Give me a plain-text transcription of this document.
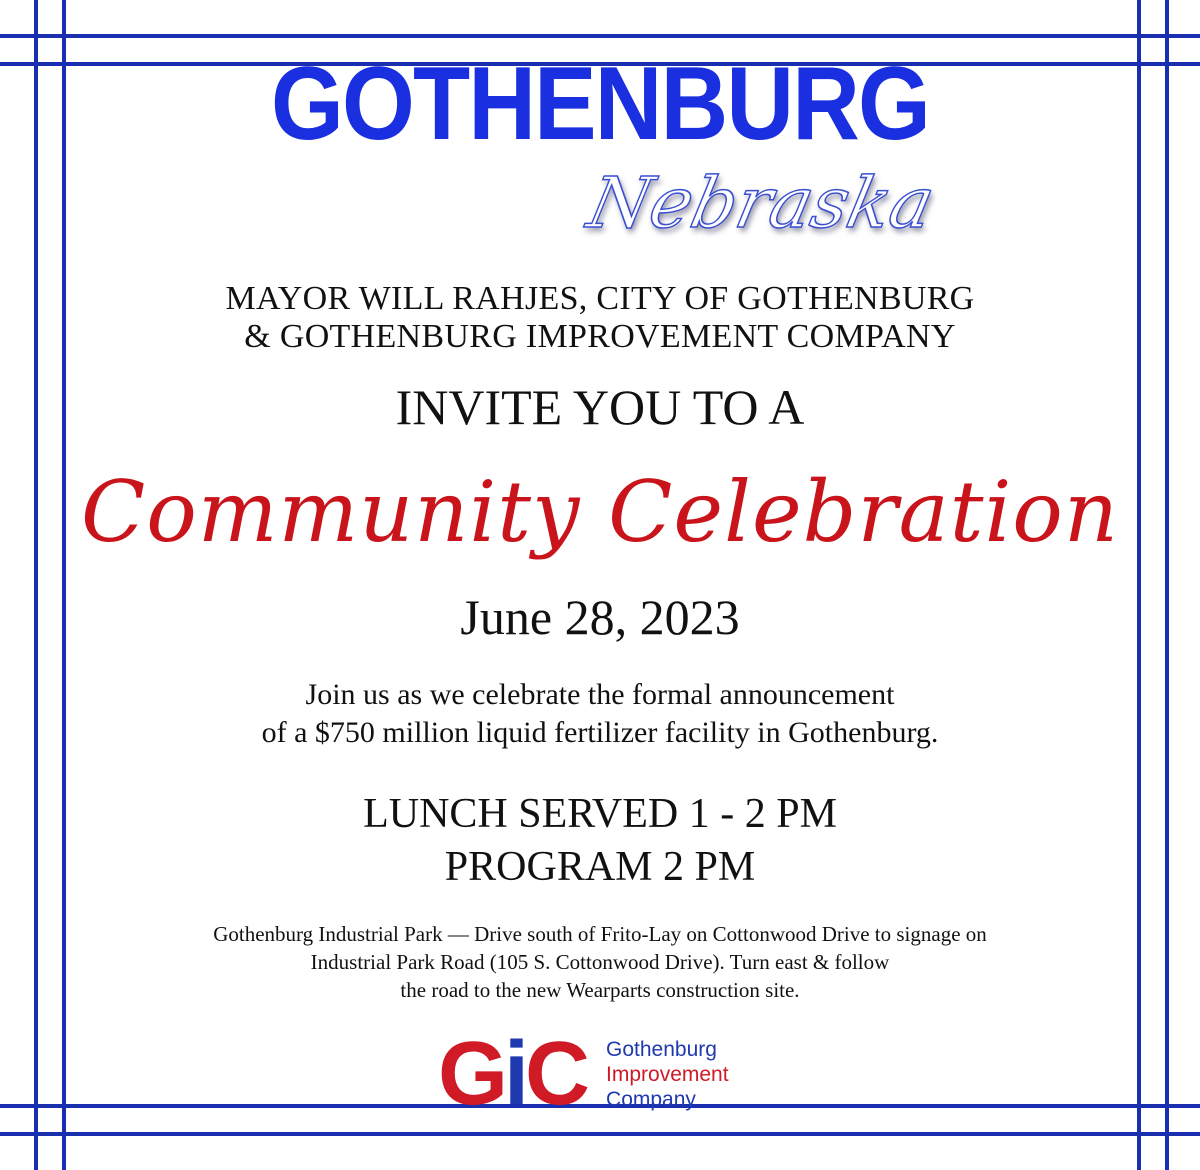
GOTHENBURG
Nebraska
MAYOR WILL RAHJES, CITY OF GOTHENBURG
& GOTHENBURG IMPROVEMENT COMPANY
INVITE YOU TO A
Community Celebration
June 28, 2023
Join us as we celebrate the formal announcement
of a $750 million liquid fertilizer facility in Gothenburg.
LUNCH SERVED 1 - 2 PM
PROGRAM 2 PM
Gothenburg Industrial Park — Drive south of Frito-Lay on Cottonwood Drive to signage on
Industrial Park Road (105 S. Cottonwood Drive). Turn east & follow
the road to the new Wearparts construction site.
G i C Gothenburg
Improvement
Company
